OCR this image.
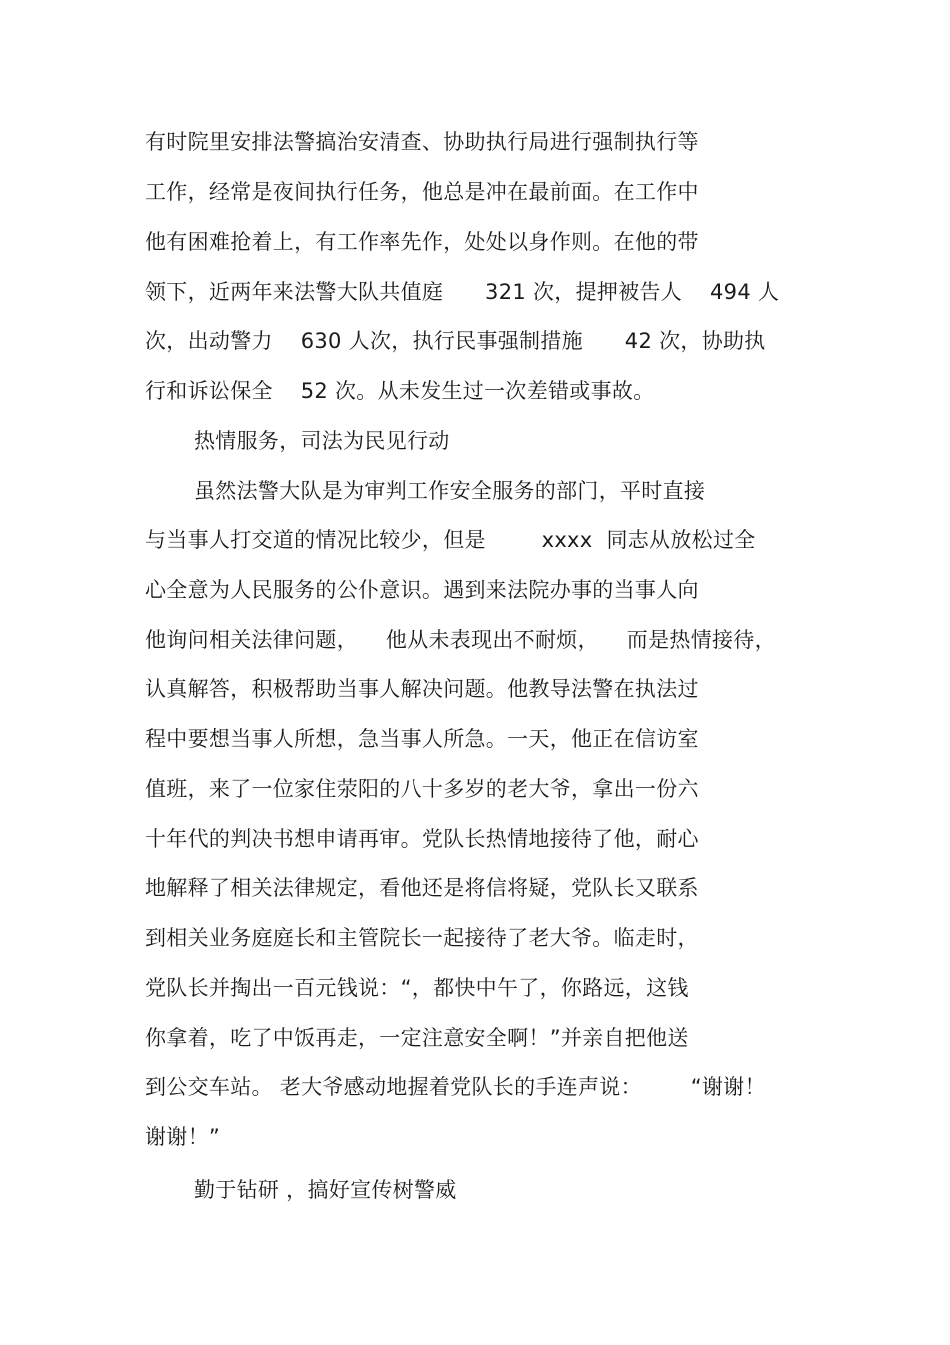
有时院里安排法警搞治安清查、协助执行局进行强制执行等
工作，经常是夜间执行任务，他总是冲在最前面。在工作中
他有困难抢着上，有工作率先作，处处以身作则。在他的带
领下，近两年来法警大队共值庭      321 次，提押被告人    494 人
次，出动警力    630 人次，执行民事强制措施      42 次，协助执
行和诉讼保全    52 次。从未发生过一次差错或事故。
热情服务，司法为民见行动
虽然法警大队是为审判工作安全服务的部门，平时直接
与当事人打交道的情况比较少，但是        xxxx  同志从放松过全
心全意为人民服务的公仆意识。遇到来法院办事的当事人向
他询问相关法律问题，    他从未表现出不耐烦，    而是热情接待，
认真解答，积极帮助当事人解决问题。他教导法警在执法过
程中要想当事人所想，急当事人所急。一天，他正在信访室
值班，来了一位家住荥阳的八十多岁的老大爷，拿出一份六
十年代的判决书想申请再审。党队长热情地接待了他，耐心
地解释了相关法律规定，看他还是将信将疑，党队长又联系
到相关业务庭庭长和主管院长一起接待了老大爷。临走时，
党队长并掏出一百元钱说：“，都快中午了，你路远，这钱
你拿着，吃了中饭再走，一定注意安全啊！”并亲自把他送
到公交车站。 老大爷感动地握着党队长的手连声说：       “谢谢！
谢谢！”
勤于钻研 ，搞好宣传树警威
